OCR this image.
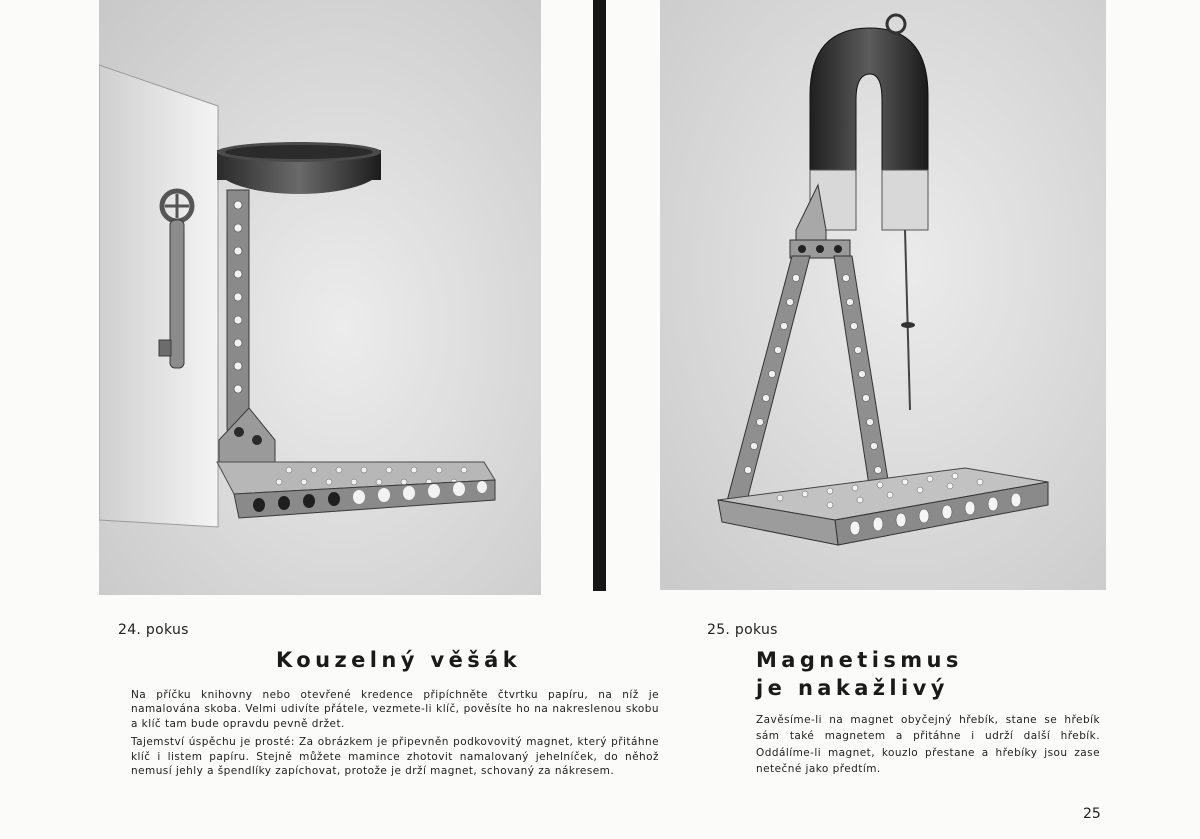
24. pokus
Kouzelný věšák

Na příčku knihovny nebo otevřené kredence připíchněte čtvrtku papíru, na níž je namalována skoba. Velmi udivíte přátele, vezmete-li klíč, pověsíte ho na nakreslenou skobu a klíč tam bude opravdu pevně držet.

Tajemství úspěchu je prosté: Za obrázkem je připevněn podkovovitý magnet, který přitáhne klíč i listem papíru. Stejně můžete mamince zhotovit namalovaný jehelníček, do něhož nemusí jehly a špendlíky zapíchovat, protože je drží magnet, schovaný za nákresem.

25. pokus
Magnetismus
je nakažlivý

Zavěsíme-li na magnet obyčejný hřebík, stane se hřebík sám také magnetem a přitáhne i udrží další hřebík. Oddálíme-li magnet, kouzlo přestane a hřebíky jsou zase netečné jako předtím.

25
